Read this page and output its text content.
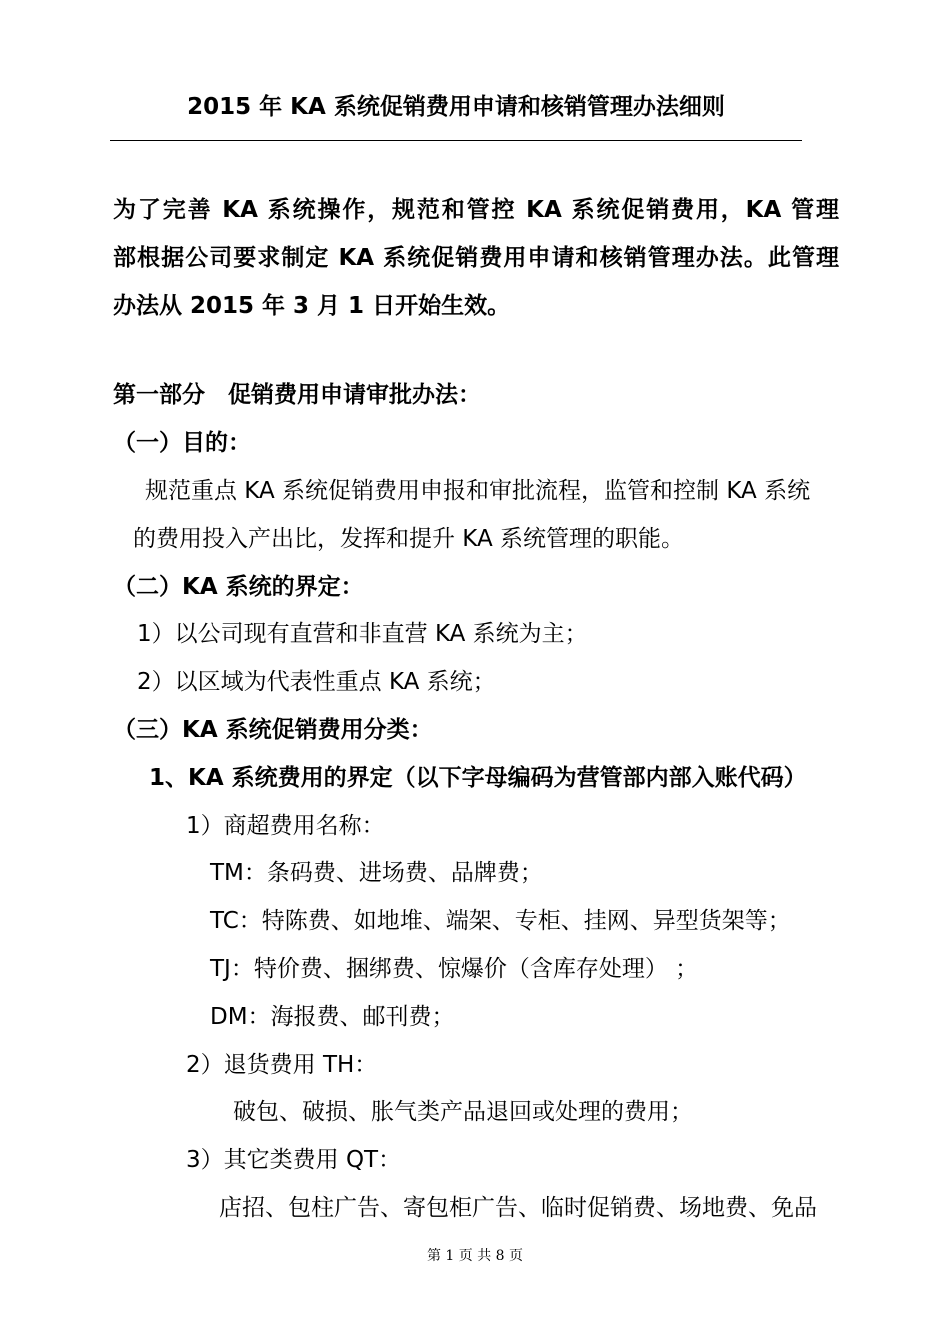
2015 年 KA 系统促销费用申请和核销管理办法细则
为了完善 KA 系统操作，规范和管控 KA 系统促销费用，KA 管理
部根据公司要求制定 KA 系统促销费用申请和核销管理办法。此管理
办法从 2015 年 3 月 1 日开始生效。
第一部分　促销费用申请审批办法：
（一）目的：
规范重点 KA 系统促销费用申报和审批流程，监管和控制 KA 系统
的费用投入产出比，发挥和提升 KA 系统管理的职能。
（二）KA 系统的界定：
1）以公司现有直营和非直营 KA 系统为主；
2）以区域为代表性重点 KA 系统；
（三）KA 系统促销费用分类：
1、KA 系统费用的界定（以下字母编码为营管部内部入账代码）
1）商超费用名称：
TM：条码费、进场费、品牌费；
TC：特陈费、如地堆、端架、专柜、挂网、异型货架等；
TJ：特价费、捆绑费、惊爆价（含库存处理） ；
DM：海报费、邮刊费；
2）退货费用 TH：
破包、破损、胀气类产品退回或处理的费用；
3）其它类费用 QT：
店招、包柱广告、寄包柜广告、临时促销费、场地费、免品
第 1 页 共 8 页
